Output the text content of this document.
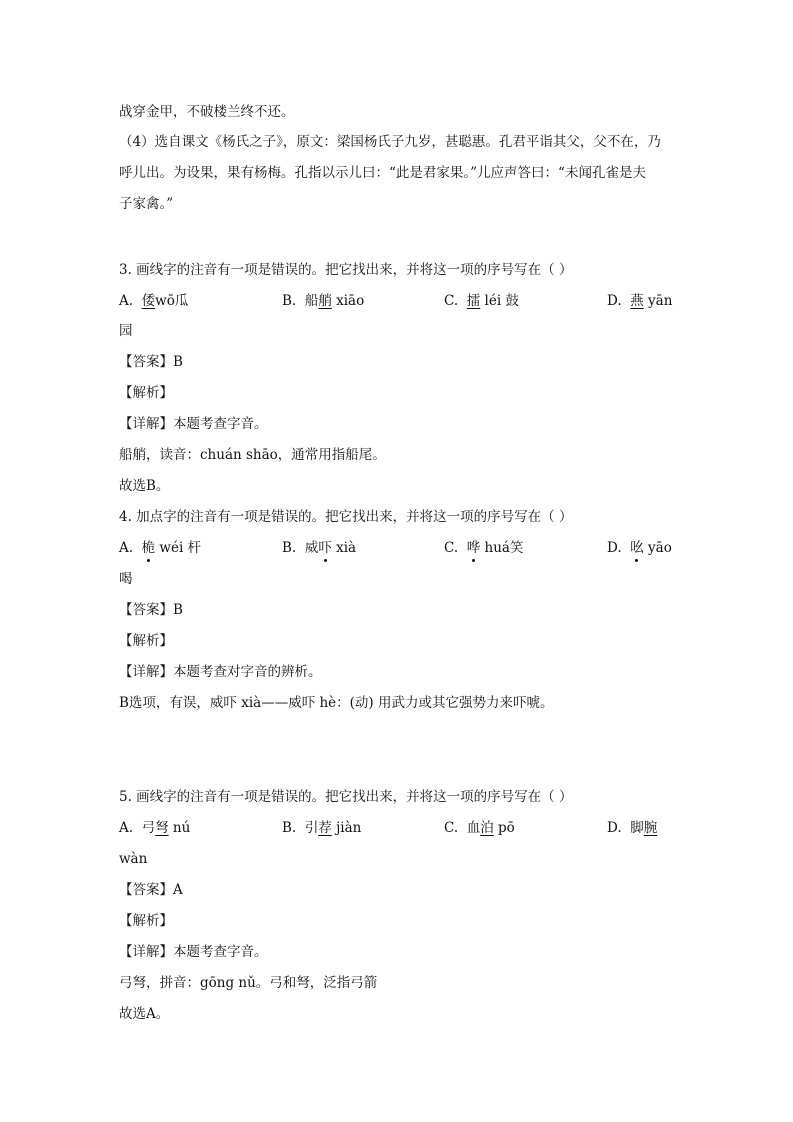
战穿金甲，不破楼兰终不还。
（4）选自课文《杨氏之子》，原文：梁国杨氏子九岁，甚聪惠。孔君平诣其父，父不在，乃
呼儿出。为设果，果有杨梅。孔指以示儿曰：“此是君家果。”儿应声答曰：“未闻孔雀是夫
子家禽。”
3. 画线字的注音有一项是错误的。把它找出来，并将这一项的序号写在（ ）
A. 倭wō瓜	B. 船艄 xiāo	C. 擂 léi 鼓	D. 燕 yān
园
【答案】B
【解析】
【详解】本题考查字音。
船艄，读音：chuán shāo，通常用指船尾。
故选B。
4. 加点字的注音有一项是错误的。把它找出来，并将这一项的序号写在（ ）
A. 桅 wéi 杆	B. 威吓 xià	C. 哗 huá笑	D. 吆 yāo
喝
【答案】B
【解析】
【详解】本题考查对字音的辨析。
B选项，有误，威吓 xià——威吓 hè：(动) 用武力或其它强势力来吓唬。
5. 画线字的注音有一项是错误的。把它找出来，并将这一项的序号写在（ ）
A. 弓弩 nú	B. 引荐 jiàn	C. 血泊 pō	D. 脚腕
wàn
【答案】A
【解析】
【详解】本题考查字音。
弓弩，拼音：gōng nǔ。弓和弩，泛指弓箭
故选A。
